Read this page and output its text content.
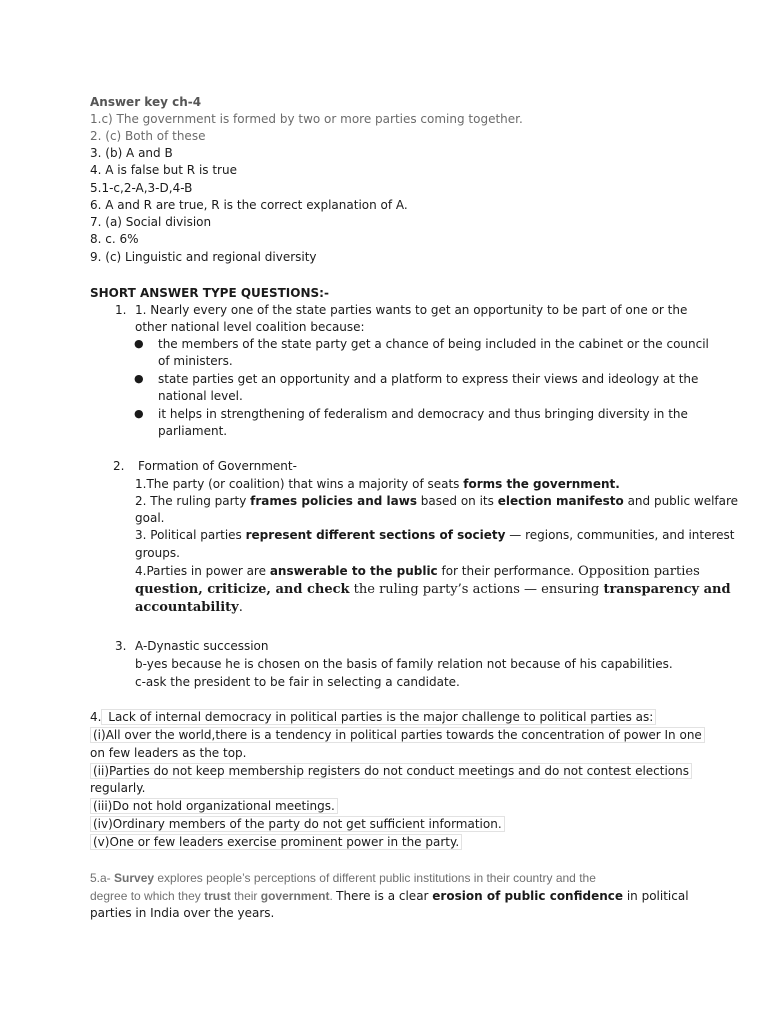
Answer key ch-4
1.c) The government is formed by two or more parties coming together.
2. (c) Both of these
3. (b) A and B
4. A is false but R is true
5.1-c,2-A,3-D,4-B
6. A and R are true, R is the correct explanation of A.
7. (a) Social division
8. c. 6%
9. (c) Linguistic and regional diversity
SHORT ANSWER TYPE QUESTIONS:-
1. 1. Nearly every one of the state parties wants to get an opportunity to be part of one or the
other national level coalition because:
● the members of the state party get a chance of being included in the cabinet or the council
of ministers.
● state parties get an opportunity and a platform to express their views and ideology at the
national level.
● it helps in strengthening of federalism and democracy and thus bringing diversity in the
parliament.
2. Formation of Government-
1.The party (or coalition) that wins a majority of seats forms the government.
2. The ruling party frames policies and laws based on its election manifesto and public welfare
goal.
3. Political parties represent different sections of society — regions, communities, and interest
groups.
4.Parties in power are answerable to the public for their performance. Opposition parties
question, criticize, and check the ruling party’s actions — ensuring transparency and
accountability.
3. A-Dynastic succession
b-yes because he is chosen on the basis of family relation not because of his capabilities.
c-ask the president to be fair in selecting a candidate.
4. Lack of internal democracy in political parties is the major challenge to political parties as:
(i)All over the world,there is a tendency in political parties towards the concentration of power In one
on few leaders as the top.
(ii)Parties do not keep membership registers do not conduct meetings and do not contest elections
regularly.
(iii)Do not hold organizational meetings.
(iv)Ordinary members of the party do not get sufficient information.
(v)One or few leaders exercise prominent power in the party.
5.a- Survey explores people’s perceptions of different public institutions in their country and the
degree to which they trust their government. There is a clear erosion of public confidence in political
parties in India over the years.
